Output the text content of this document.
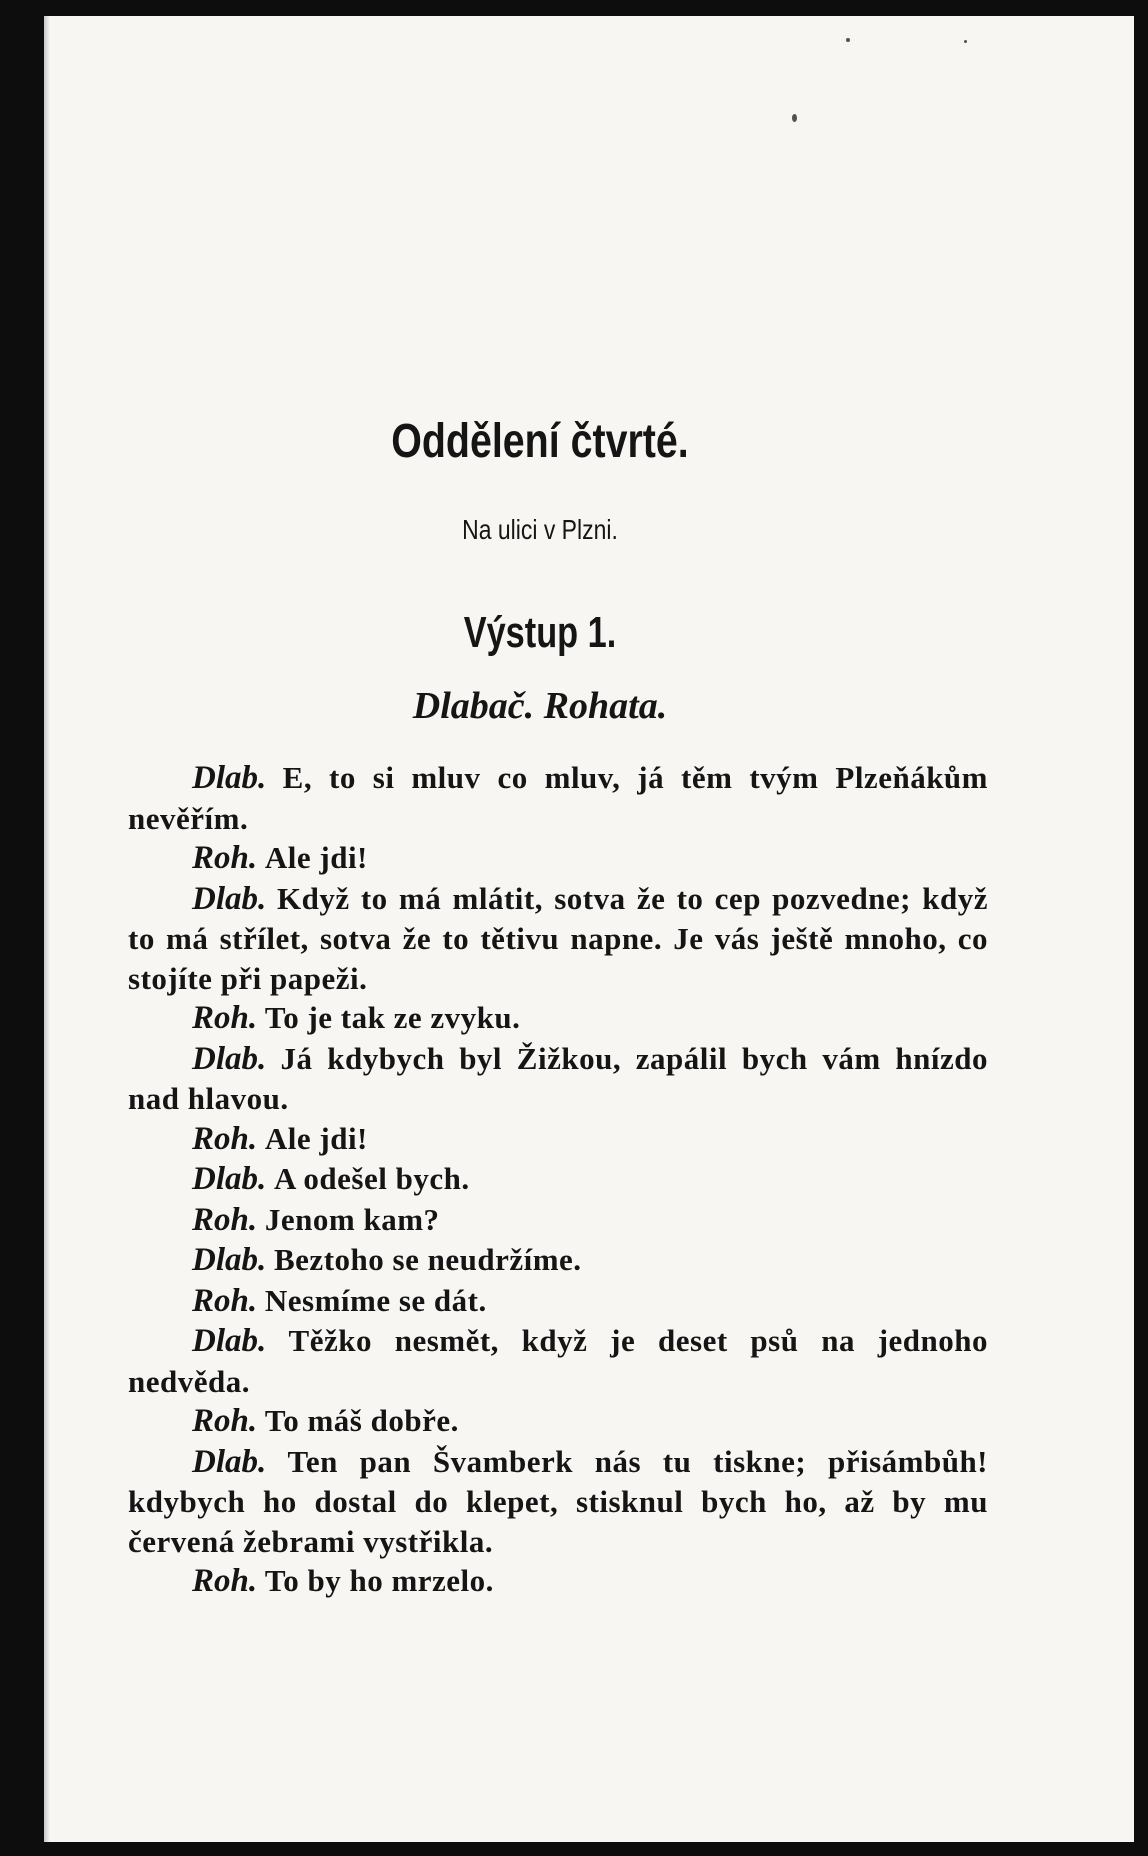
Oddělení čtvrté.
Na ulici v Plzni.
Výstup 1.
Dlabač. Rohata.

Dlab. E, to si mluv co mluv, já těm tvým Plzeňákům nevěřím.

Roh. Ale jdi!

Dlab. Když to má mlátit, sotva že to cep pozvedne; když to má střílet, sotva že to tětivu napne. Je vás ještě mnoho, co stojíte při papeži.

Roh. To je tak ze zvyku.

Dlab. Já kdybych byl Žižkou, zapálil bych vám hnízdo nad hlavou.

Roh. Ale jdi!

Dlab. A odešel bych.

Roh. Jenom kam?

Dlab. Beztoho se neudržíme.

Roh. Nesmíme se dát.

Dlab. Těžko nesmět, když je deset psů na jednoho nedvěda.

Roh. To máš dobře.

Dlab. Ten pan Švamberk nás tu tiskne; přisámbůh! kdybych ho dostal do klepet, stisknul bych ho, až by mu červená žebrami vystřikla.

Roh. To by ho mrzelo.
